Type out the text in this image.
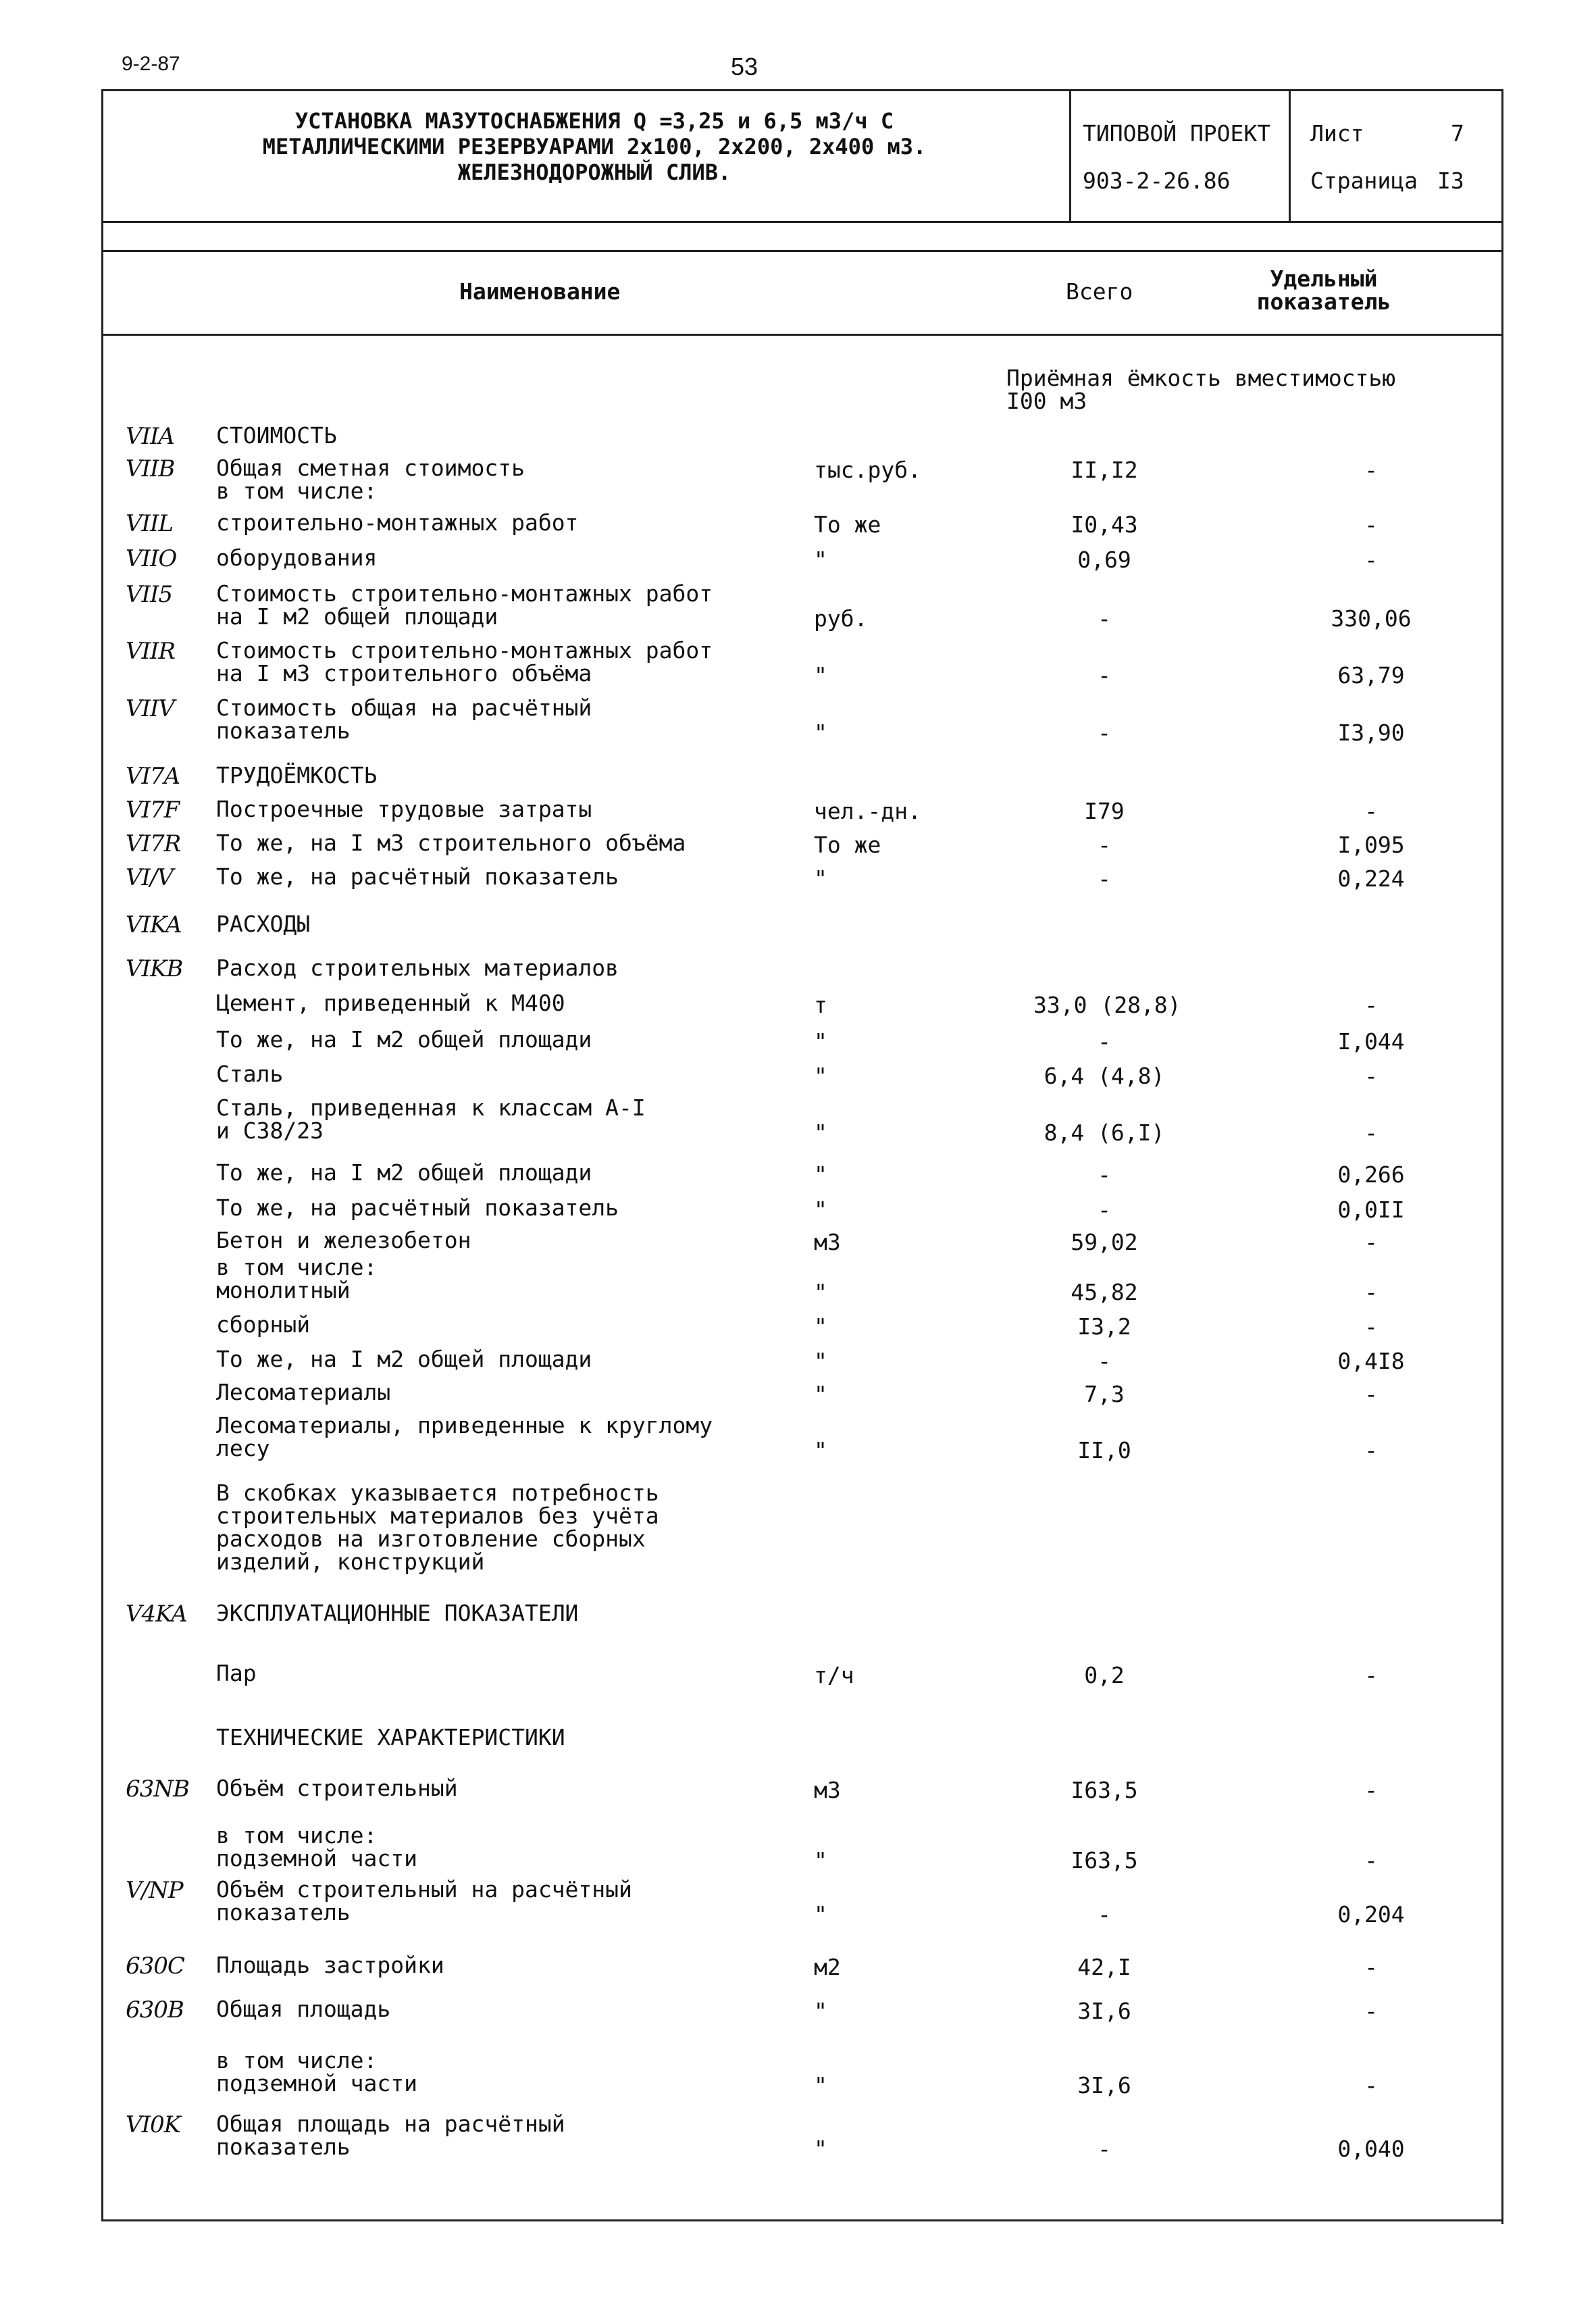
9-2-87	53
УСТАНОВКА МАЗУТОСНАБЖЕНИЯ Q =3,25 и 6,5 м3/ч С
МЕТАЛЛИЧЕСКИМИ РЕЗЕРВУАРАМИ 2х100, 2х200, 2х400 м3.
ЖЕЛЕЗНОДОРОЖНЫЙ СЛИВ.
ТИПОВОЙ ПРОЕКТ
903-2-26.86
Лист	7
Страница I3
Наименование	Всего	Удельный
показатель
Приёмная ёмкость вместимостью
I00 м3
VIIA СТОИМОСТЬ
VIIB Общая сметная стоимость
в том числе:
тыс.руб.	II,I2	-
VIIL строительно-монтажных работ	То же	I0,43	-
VIIO оборудования	"	0,69	-
VII5 Стоимость строительно-монтажных работ
на I м2 общей площади	руб.	-	330,06
VIIR Стоимость строительно-монтажных работ
на I м3 строительного объёма	"	-	63,79
VIIV Стоимость общая на расчётный
показатель	"	-	I3,90
VI7A ТРУДОЁМКОСТЬ
VI7F Построечные трудовые затраты	чел.-дн.	I79	-
VI7R То же, на I м3 строительного объёма	То же	-	I,095
VI/V То же, на расчётный показатель	"	-	0,224
VIKA РАСХОДЫ
VIKB Расход строительных материалов
Цемент, приведенный к М400	т	33,0 (28,8)	-
То же, на I м2 общей площади	"	-	I,044
Сталь	"	6,4 (4,8)	-
Сталь, приведенная к классам А-I
и С38/23	"	8,4 (6,I)	-
То же, на I м2 общей площади	"	-	0,266
То же, на расчётный показатель	"	-	0,0II
Бетон и железобетон	м3	59,02	-
в том числе:
монолитный	"	45,82	-
сборный	"	I3,2	-
То же, на I м2 общей площади	"	-	0,4I8
Лесоматериалы	"	7,3	-
Лесоматериалы, приведенные к круглому
лесу	"	II,0	-
В скобках указывается потребность
строительных материалов без учёта
расходов на изготовление сборных
изделий, конструкций
V4KA ЭКСПЛУАТАЦИОННЫЕ ПОКАЗАТЕЛИ
Пар	т/ч	0,2	-
ТЕХНИЧЕСКИЕ ХАРАКТЕРИСТИКИ
63NB Объём строительный	м3	I63,5	-
в том числе:
подземной части	"	I63,5	-
V/NP Объём строительный на расчётный
показатель	"	-	0,204
630C Площадь застройки	м2	42,I	-
630B Общая площадь	"	3I,6	-
в том числе:
подземной части	"	3I,6	-
VI0K Общая площадь на расчётный
показатель	"	-	0,040
